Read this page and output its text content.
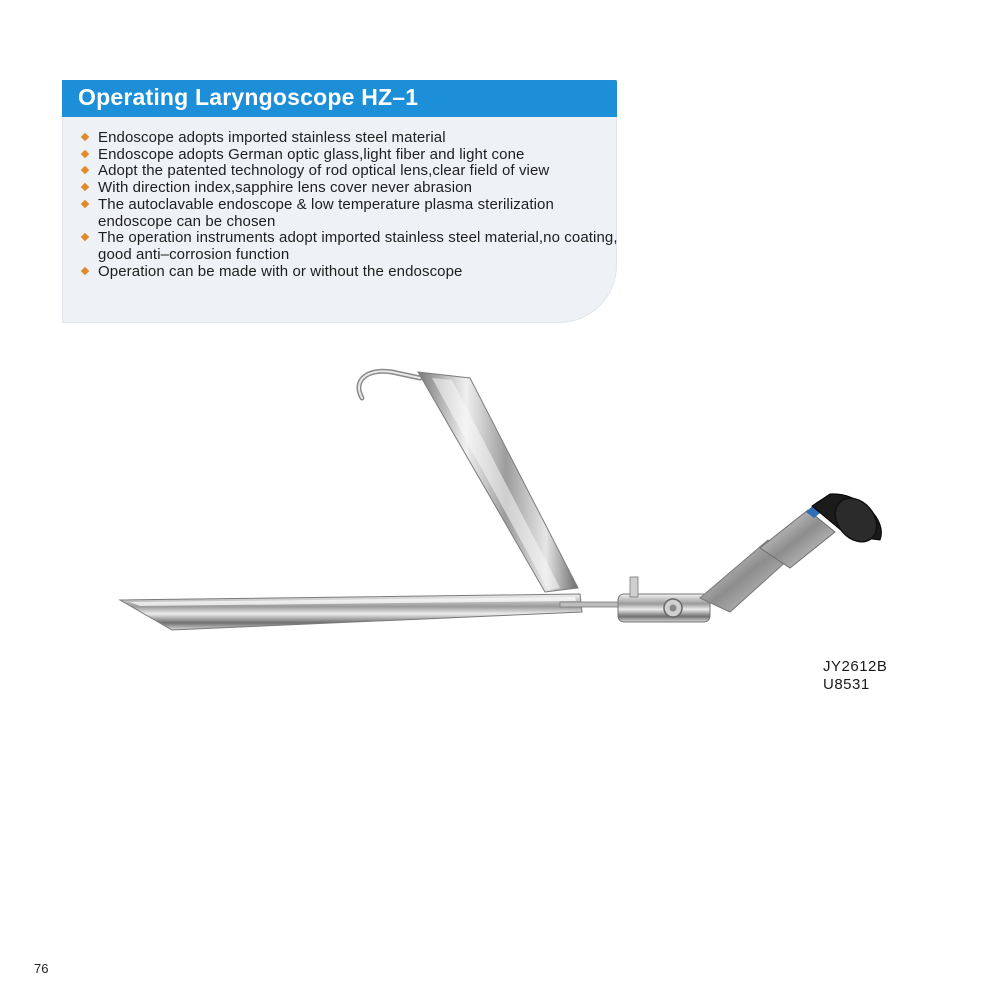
Operating Laryngoscope HZ–1
Endoscope adopts imported stainless steel material
Endoscope adopts German optic glass,light fiber and light cone
Adopt the patented technology of rod optical lens,clear field of view
With direction index,sapphire lens cover never abrasion
The autoclavable endoscope & low temperature plasma sterilization endoscope can be chosen
The operation instruments adopt imported stainless steel material,no coating, good anti–corrosion function
Operation can be made with or without the endoscope
JY2612B
U8531
76
